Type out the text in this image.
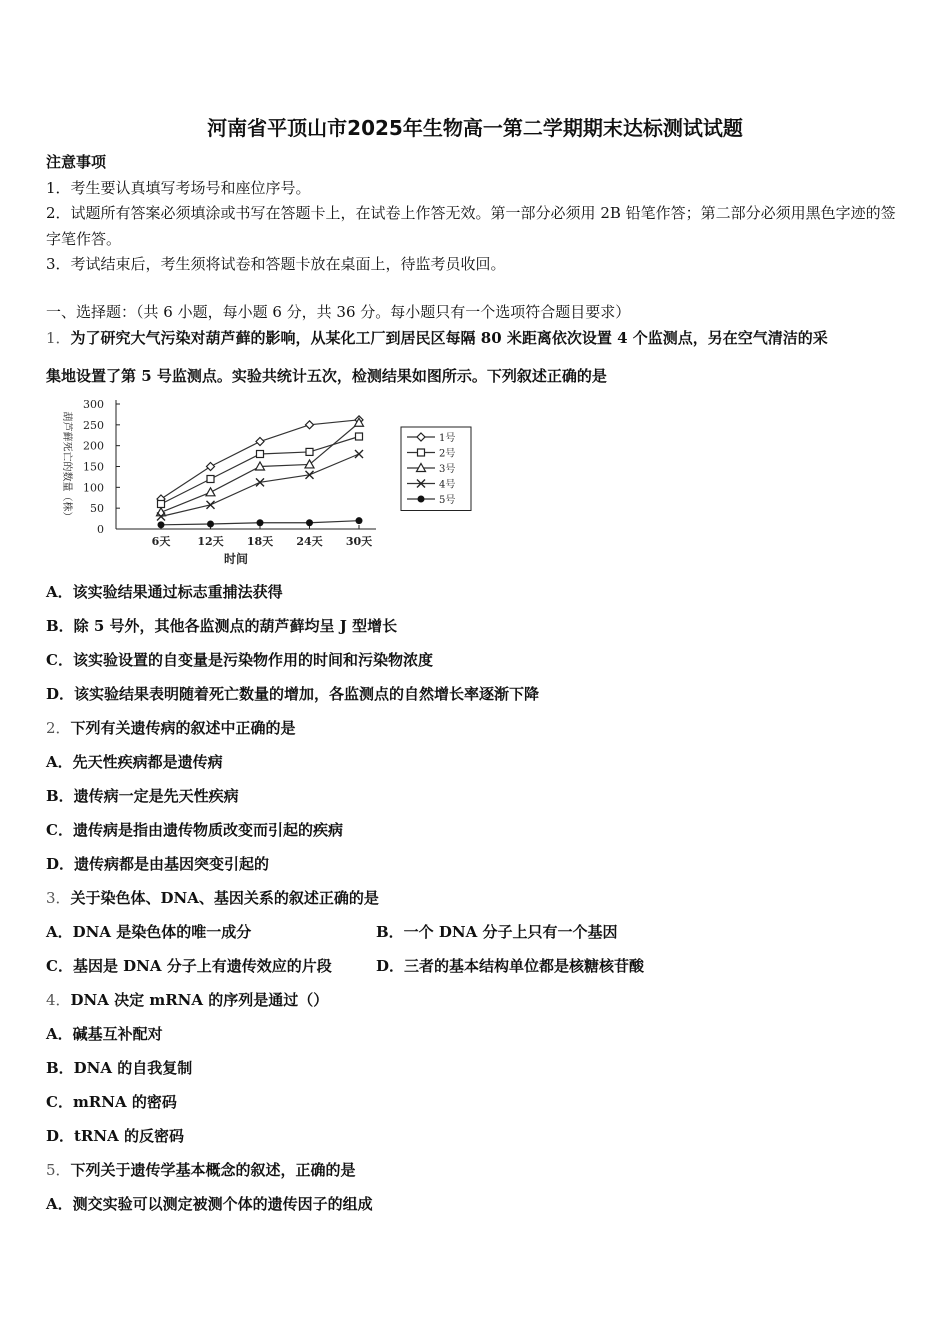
河南省平顶山市2025年生物高一第二学期期末达标测试试题
注意事项
1．考生要认真填写考场号和座位序号。
2．试题所有答案必须填涂或书写在答题卡上，在试卷上作答无效。第一部分必须用 2B 铅笔作答；第二部分必须用黑色字迹的签字笔作答。
3．考试结束后，考生须将试卷和答题卡放在桌面上，待监考员收回。
一、选择题：（共 6 小题，每小题 6 分，共 36 分。每小题只有一个选项符合题目要求）
1．为了研究大气污染对葫芦藓的影响，从某化工厂到居民区每隔 80 米距离依次设置 4 个监测点，另在空气清洁的采
集地设置了第 5 号监测点。实验共统计五次，检测结果如图所示。下列叙述正确的是
300
250
200
150
100
50
0
6天 12天 18天 24天 30天
时间
葫芦藓死亡的数量（株）	1号
2号
3号
4号
5号
A．该实验结果通过标志重捕法获得
B．除 5 号外，其他各监测点的葫芦藓均呈 J 型增长
C．该实验设置的自变量是污染物作用的时间和污染物浓度
D．该实验结果表明随着死亡数量的增加，各监测点的自然增长率逐渐下降
2．下列有关遗传病的叙述中正确的是
A．先天性疾病都是遗传病
B．遗传病一定是先天性疾病
C．遗传病是指由遗传物质改变而引起的疾病
D．遗传病都是由基因突变引起的
3．关于染色体、DNA、基因关系的叙述正确的是
A．DNA 是染色体的唯一成分	B．一个 DNA 分子上只有一个基因
C．基因是 DNA 分子上有遗传效应的片段	D．三者的基本结构单位都是核糖核苷酸
4．DNA 决定 mRNA 的序列是通过（）
A．碱基互补配对
B．DNA 的自我复制
C．mRNA 的密码
D．tRNA 的反密码
5．下列关于遗传学基本概念的叙述，正确的是
A．测交实验可以测定被测个体的遗传因子的组成
